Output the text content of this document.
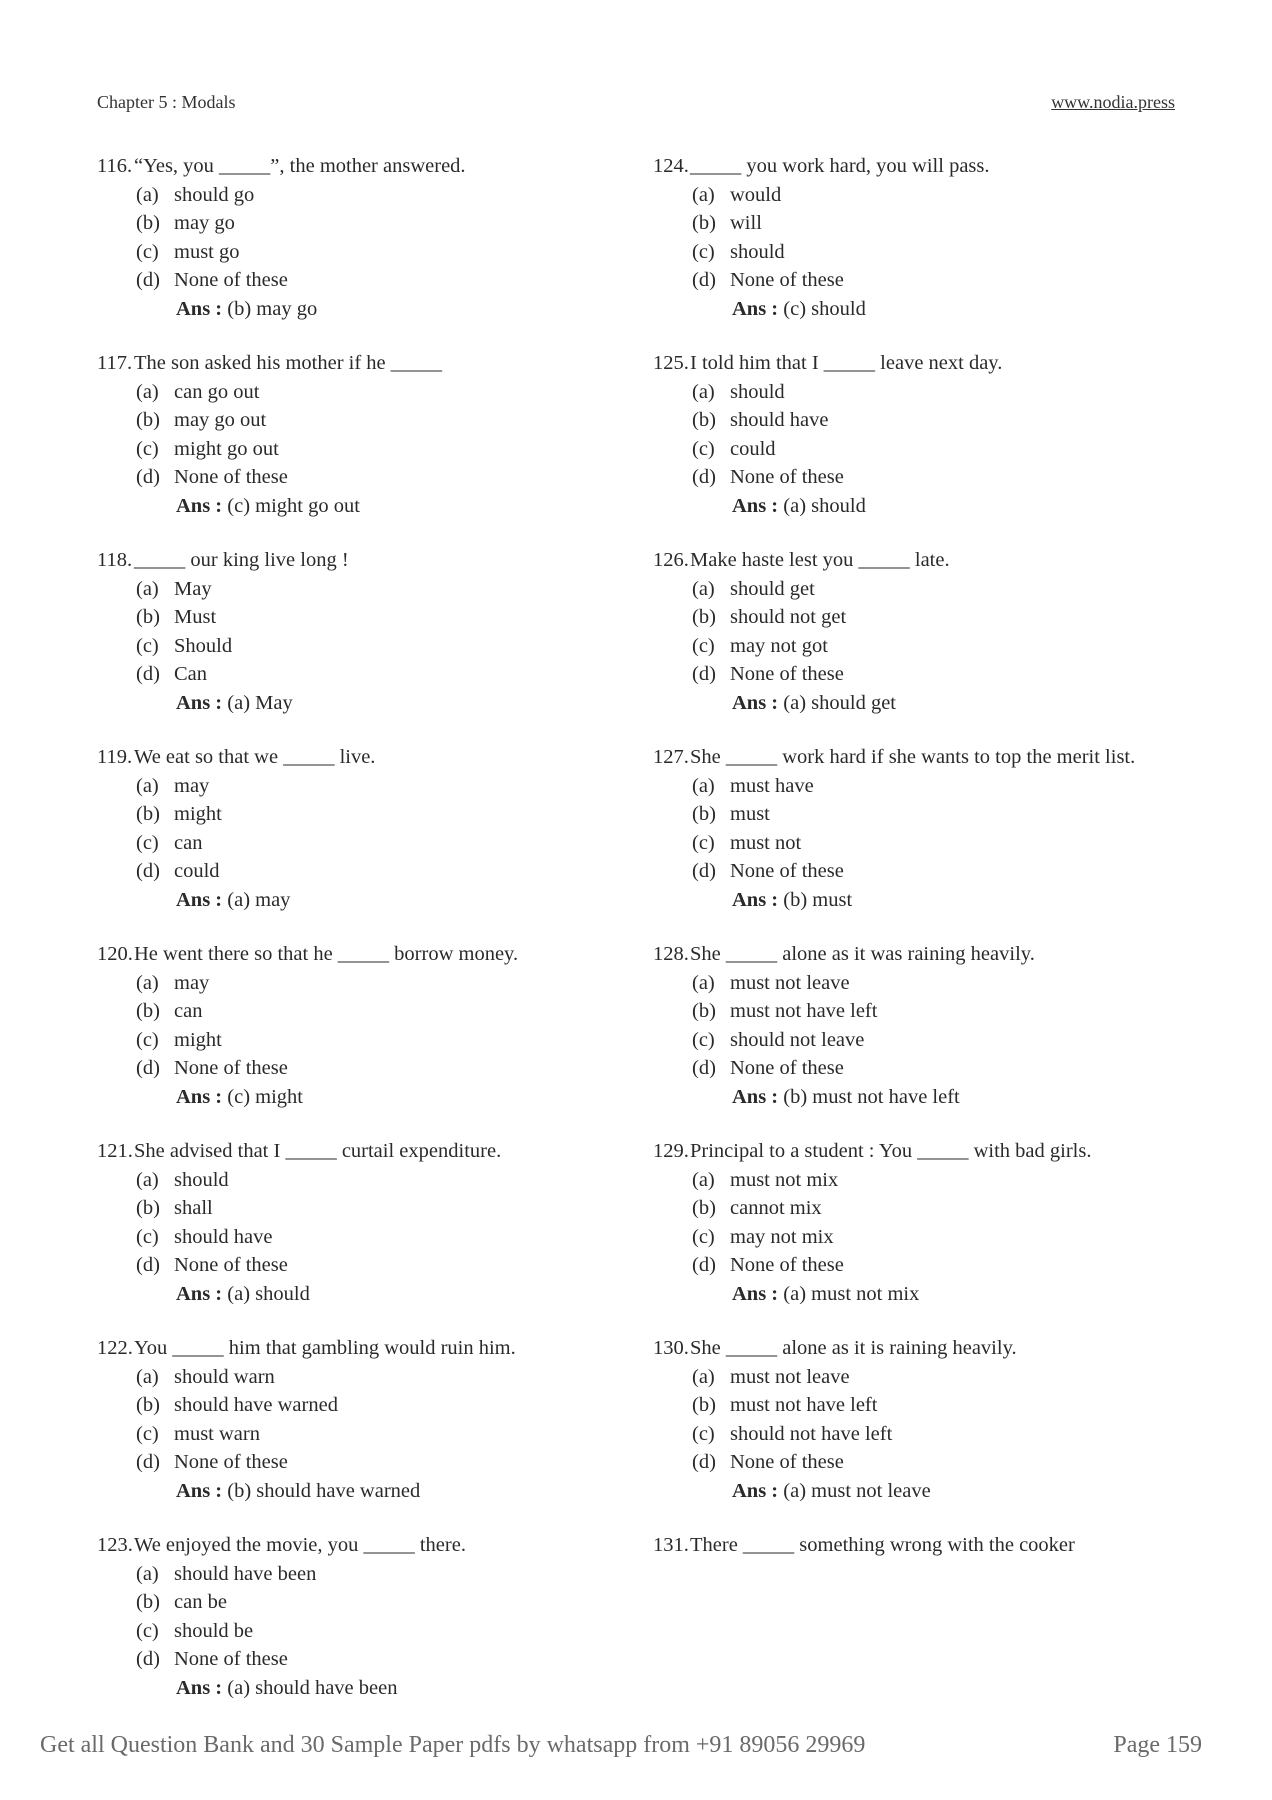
Chapter 5 : Modals	www.nodia.press
116. “Yes, you _____”, the mother answered.
(a) should go
(b) may go
(c) must go
(d) None of these
Ans : (b) may go
117. The son asked his mother if he _____
(a) can go out
(b) may go out
(c) might go out
(d) None of these
Ans : (c) might go out
118. _____ our king live long !
(a) May
(b) Must
(c) Should
(d) Can
Ans : (a) May
119. We eat so that we _____ live.
(a) may
(b) might
(c) can
(d) could
Ans : (a) may
120. He went there so that he _____ borrow money.
(a) may
(b) can
(c) might
(d) None of these
Ans : (c) might
121. She advised that I _____ curtail expenditure.
(a) should
(b) shall
(c) should have
(d) None of these
Ans : (a) should
122. You _____ him that gambling would ruin him.
(a) should warn
(b) should have warned
(c) must warn
(d) None of these
Ans : (b) should have warned
123. We enjoyed the movie, you _____ there.
(a) should have been
(b) can be
(c) should be
(d) None of these
Ans : (a) should have been
124. _____ you work hard, you will pass.
(a) would
(b) will
(c) should
(d) None of these
Ans : (c) should
125. I told him that I _____ leave next day.
(a) should
(b) should have
(c) could
(d) None of these
Ans : (a) should
126. Make haste lest you _____ late.
(a) should get
(b) should not get
(c) may not got
(d) None of these
Ans : (a) should get
127. She _____ work hard if she wants to top the merit list.
(a) must have
(b) must
(c) must not
(d) None of these
Ans : (b) must
128. She _____ alone as it was raining heavily.
(a) must not leave
(b) must not have left
(c) should not leave
(d) None of these
Ans : (b) must not have left
129. Principal to a student : You _____ with bad girls.
(a) must not mix
(b) cannot mix
(c) may not mix
(d) None of these
Ans : (a) must not mix
130. She _____ alone as it is raining heavily.
(a) must not leave
(b) must not have left
(c) should not have left
(d) None of these
Ans : (a) must not leave
131. There _____ something wrong with the cooker
Get all Question Bank and 30 Sample Paper pdfs by whatsapp from +91 89056 29969	Page 159
